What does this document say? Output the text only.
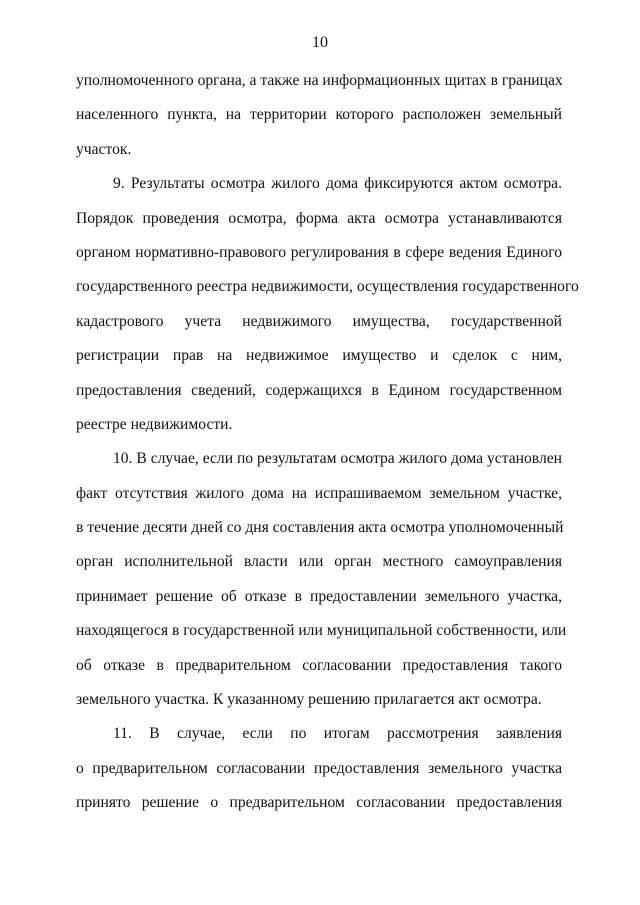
10
уполномоченного органа, а также на информационных щитах в границах
населенного пункта, на территории которого расположен земельный
участок.
9. Результаты осмотра жилого дома фиксируются актом осмотра.
Порядок проведения осмотра, форма акта осмотра устанавливаются
органом нормативно-правового регулирования в сфере ведения Единого
государственного реестра недвижимости, осуществления государственного
кадастрового учета недвижимого имущества, государственной
регистрации прав на недвижимое имущество и сделок с ним,
предоставления сведений, содержащихся в Едином государственном
реестре недвижимости.
10. В случае, если по результатам осмотра жилого дома установлен
факт отсутствия жилого дома на испрашиваемом земельном участке,
в течение десяти дней со дня составления акта осмотра уполномоченный
орган исполнительной власти или орган местного самоуправления
принимает решение об отказе в предоставлении земельного участка,
находящегося в государственной или муниципальной собственности, или
об отказе в предварительном согласовании предоставления такого
земельного участка. К указанному решению прилагается акт осмотра.
11. В случае, если по итогам рассмотрения заявления
о предварительном согласовании предоставления земельного участка
принято решение о предварительном согласовании предоставления
